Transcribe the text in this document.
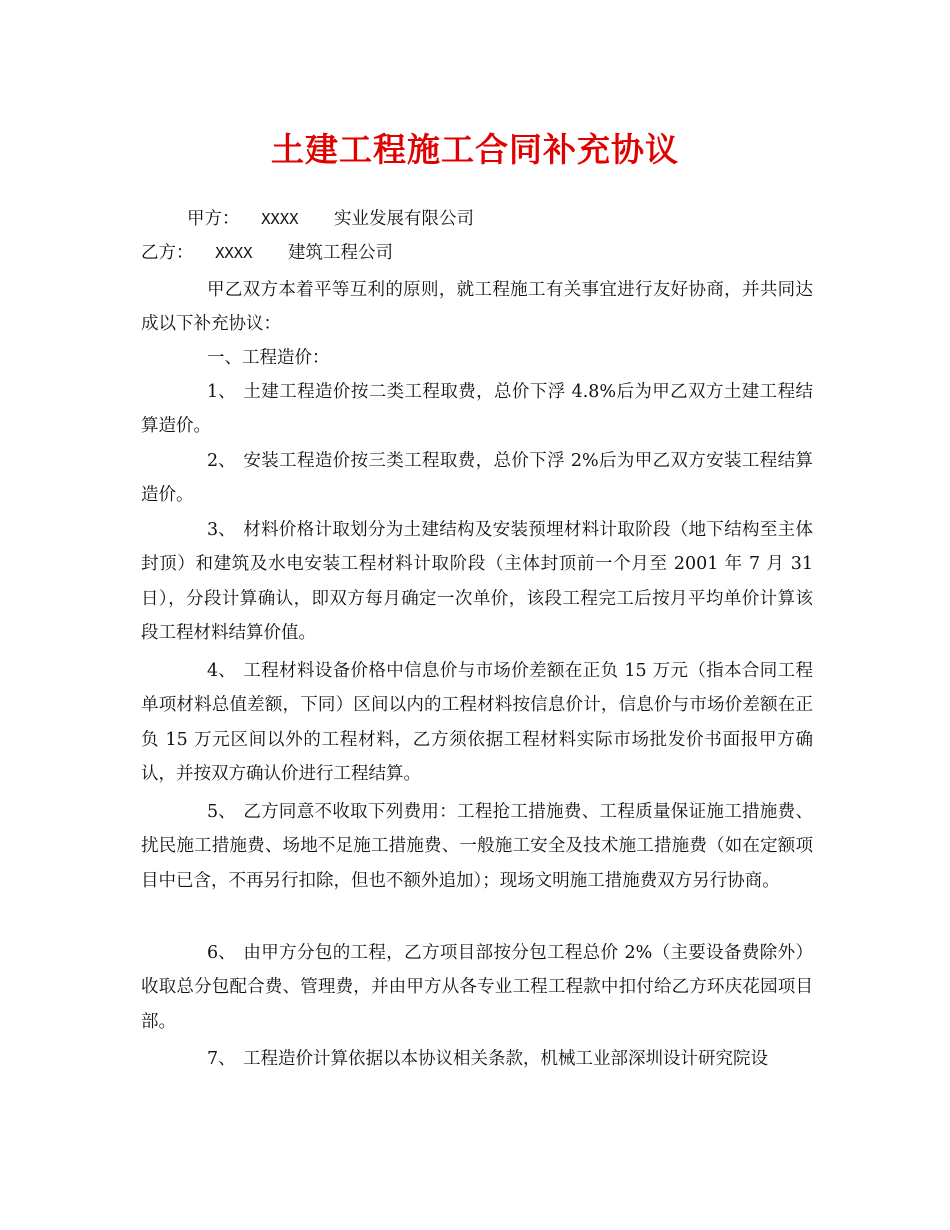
土建工程施工合同补充协议
甲方： XXXX 实业发展有限公司
乙方： XXXX 建筑工程公司
甲乙双方本着平等互利的原则，就工程施工有关事宜进行友好协商，并共同达成以下补充协议：
一、工程造价：
1、 土建工程造价按二类工程取费，总价下浮 4.8%后为甲乙双方土建工程结算造价。
2、 安装工程造价按三类工程取费，总价下浮 2%后为甲乙双方安装工程结算造价。
3、 材料价格计取划分为土建结构及安装预埋材料计取阶段（地下结构至主体封顶）和建筑及水电安装工程材料计取阶段（主体封顶前一个月至 2001 年 7 月 31 日），分段计算确认，即双方每月确定一次单价，该段工程完工后按月平均单价计算该段工程材料结算价值。
4、 工程材料设备价格中信息价与市场价差额在正负 15 万元（指本合同工程单项材料总值差额，下同）区间以内的工程材料按信息价计，信息价与市场价差额在正负 15 万元区间以外的工程材料，乙方须依据工程材料实际市场批发价书面报甲方确认，并按双方确认价进行工程结算。
5、 乙方同意不收取下列费用：工程抢工措施费、工程质量保证施工措施费、扰民施工措施费、场地不足施工措施费、一般施工安全及技术施工措施费（如在定额项目中已含，不再另行扣除，但也不额外追加）；现场文明施工措施费双方另行协商。
6、 由甲方分包的工程，乙方项目部按分包工程总价 2%（主要设备费除外）收取总分包配合费、管理费，并由甲方从各专业工程工程款中扣付给乙方环庆花园项目部。
7、 工程造价计算依据以本协议相关条款，机械工业部深圳设计研究院设
